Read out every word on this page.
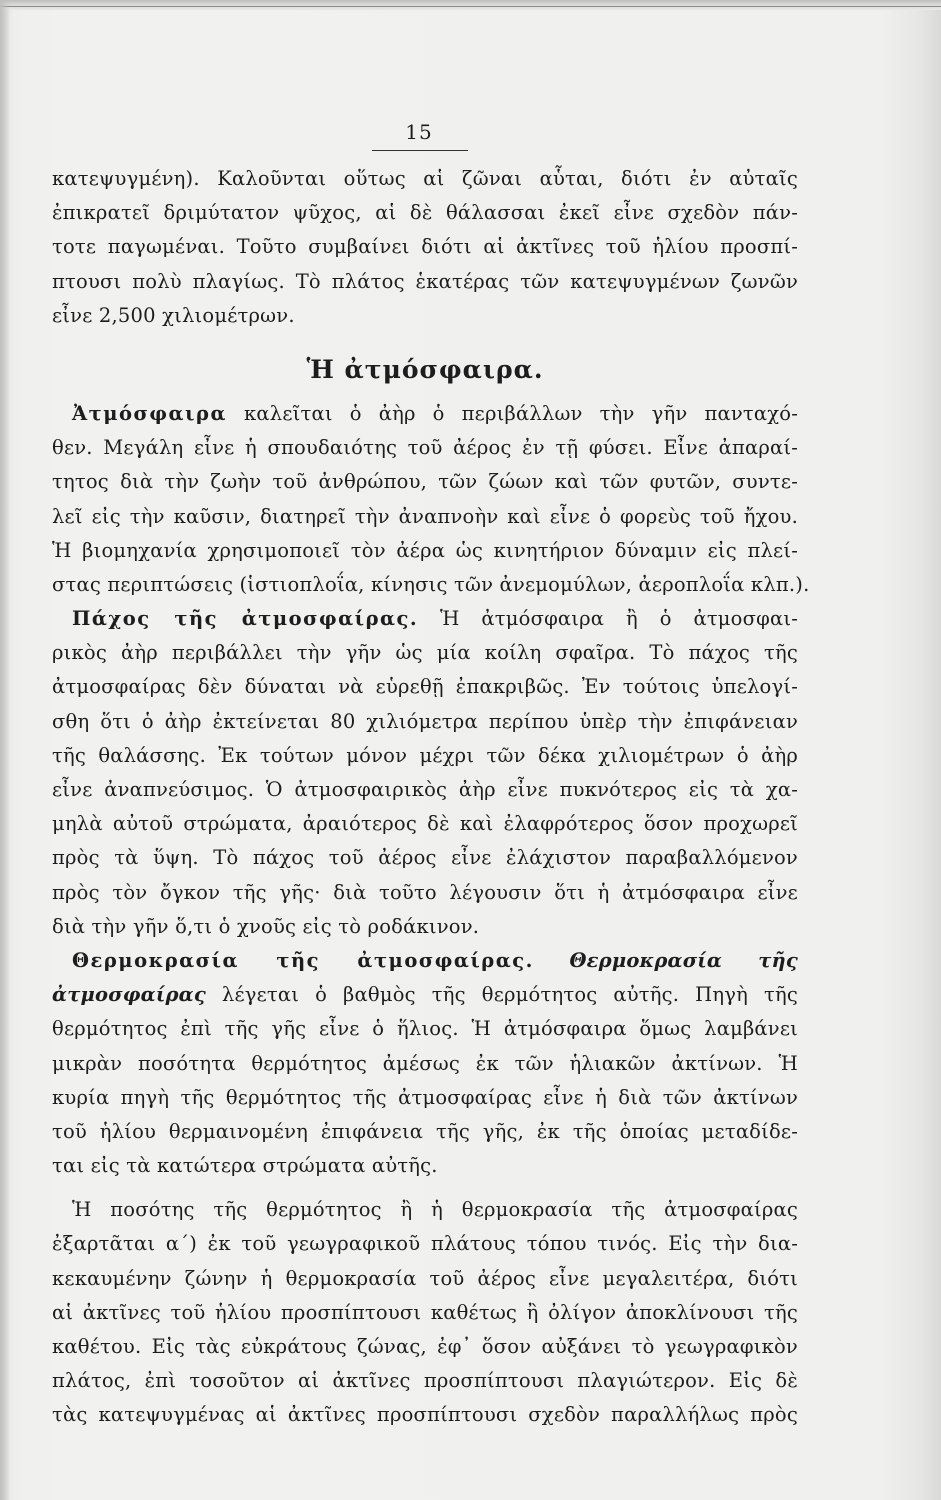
15
κατεψυγμένη). Καλοῦνται οὕτως αἱ ζῶναι αὗται, διότι ἐν αὐταῖς
ἐπικρατεῖ δριμύτατον ψῦχος, αἱ δὲ θάλασσαι ἐκεῖ εἶνε σχεδὸν πάν-
τοτε παγωμέναι. Τοῦτο συμβαίνει διότι αἱ ἀκτῖνες τοῦ ἡλίου προσπί-
πτουσι πολὺ πλαγίως. Τὸ πλάτος ἑκατέρας τῶν κατεψυγμένων ζωνῶν
εἶνε 2,500 χιλιομέτρων.
Ἡ ἀτμόσφαιρα.
Ἀτμόσφαιρα καλεῖται ὁ ἀὴρ ὁ περιβάλλων τὴν γῆν πανταχό-
θεν. Μεγάλη εἶνε ἡ σπουδαιότης τοῦ ἀέρος ἐν τῇ φύσει. Εἶνε ἀπαραί-
τητος διὰ τὴν ζωὴν τοῦ ἀνθρώπου, τῶν ζώων καὶ τῶν φυτῶν, συντε-
λεῖ εἰς τὴν καῦσιν, διατηρεῖ τὴν ἀναπνοὴν καὶ εἶνε ὁ φορεὺς τοῦ ἤχου.
Ἡ βιομηχανία χρησιμοποιεῖ τὸν ἀέρα ὡς κινητήριον δύναμιν εἰς πλεί-
στας περιπτώσεις (ἱστιοπλοΐα, κίνησις τῶν ἀνεμομύλων, ἀεροπλοΐα κλπ.).
Πάχος τῆς ἀτμοσφαίρας. Ἡ ἀτμόσφαιρα ἢ ὁ ἀτμοσφαι-
ρικὸς ἀὴρ περιβάλλει τὴν γῆν ὡς μία κοίλη σφαῖρα. Τὸ πάχος τῆς
ἀτμοσφαίρας δὲν δύναται νὰ εὑρεθῇ ἐπακριβῶς. Ἐν τούτοις ὑπελογί-
σθη ὅτι ὁ ἀὴρ ἐκτείνεται 80 χιλιόμετρα περίπου ὑπὲρ τὴν ἐπιφάνειαν
τῆς θαλάσσης. Ἐκ τούτων μόνον μέχρι τῶν δέκα χιλιομέτρων ὁ ἀὴρ
εἶνε ἀναπνεύσιμος. Ὁ ἀτμοσφαιρικὸς ἀὴρ εἶνε πυκνότερος εἰς τὰ χα-
μηλὰ αὐτοῦ στρώματα, ἀραιότερος δὲ καὶ ἐλαφρότερος ὅσον προχωρεῖ
πρὸς τὰ ὕψη. Τὸ πάχος τοῦ ἀέρος εἶνε ἐλάχιστον παραβαλλόμενον
πρὸς τὸν ὄγκον τῆς γῆς· διὰ τοῦτο λέγουσιν ὅτι ἡ ἀτμόσφαιρα εἶνε
διὰ τὴν γῆν ὅ,τι ὁ χνοῦς εἰς τὸ ροδάκινον.
Θερμοκρασία τῆς ἀτμοσφαίρας. Θερμοκρασία τῆς
ἀτμοσφαίρας λέγεται ὁ βαθμὸς τῆς θερμότητος αὐτῆς. Πηγὴ τῆς
θερμότητος ἐπὶ τῆς γῆς εἶνε ὁ ἥλιος. Ἡ ἀτμόσφαιρα ὅμως λαμβάνει
μικρὰν ποσότητα θερμότητος ἀμέσως ἐκ τῶν ἡλιακῶν ἀκτίνων. Ἡ
κυρία πηγὴ τῆς θερμότητος τῆς ἀτμοσφαίρας εἶνε ἡ διὰ τῶν ἀκτίνων
τοῦ ἡλίου θερμαινομένη ἐπιφάνεια τῆς γῆς, ἐκ τῆς ὁποίας μεταδίδε-
ται εἰς τὰ κατώτερα στρώματα αὐτῆς.
Ἡ ποσότης τῆς θερμότητος ἢ ἡ θερμοκρασία τῆς ἀτμοσφαίρας
ἐξαρτᾶται α΄) ἐκ τοῦ γεωγραφικοῦ πλάτους τόπου τινός. Εἰς τὴν δια-
κεκαυμένην ζώνην ἡ θερμοκρασία τοῦ ἀέρος εἶνε μεγαλειτέρα, διότι
αἱ ἀκτῖνες τοῦ ἡλίου προσπίπτουσι καθέτως ἢ ὀλίγον ἀποκλίνουσι τῆς
καθέτου. Εἰς τὰς εὐκράτους ζώνας, ἐφ᾽ ὅσον αὐξάνει τὸ γεωγραφικὸν
πλάτος, ἐπὶ τοσοῦτον αἱ ἀκτῖνες προσπίπτουσι πλαγιώτερον. Εἰς δὲ
τὰς κατεψυγμένας αἱ ἀκτῖνες προσπίπτουσι σχεδὸν παραλλήλως πρὸς
